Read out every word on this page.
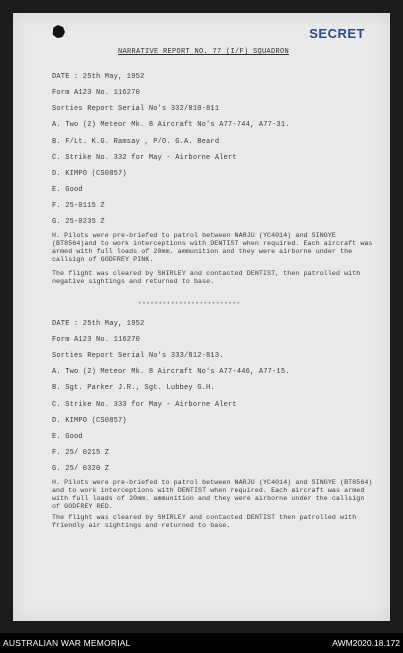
SECRET
NARRATIVE REPORT NO. 77 (I/F) SQUADRON
DATE : 25th May, 1952
Form A123 No. 116270
Sorties Report Serial No's 332/810-811
A. Two (2) Meteor Mk. 8 Aircraft No's A77-744, A77-31.
B. F/Lt. K.G. Ramsay , P/O. G.A. Beard
C. Strike No. 332 for May - Airborne Alert
D. KIMPO (CS0857)
E. Good
F. 25-0115 Z
G. 25-0235 Z
H. Pilots were pre-briefed to patrol between NARJU (YC4014) and SINGYE (BT8564)and to work interceptions with DENTIST when required. Each aircraft was armed with full loads of 20mm. ammunition and they were airborne under the callsign of GODFREY PINK.
The flight was cleared by SHIRLEY and contacted DENTIST, then patrolled with negative sightings and returned to base.
*************************
DATE : 25th May, 1952
Form A123 No. 116270
Sorties Report Serial No's 333/812-813.
A. Two (2) Meteor Mk. 8 Aircraft No's A77-446, A77-15.
B. Sgt. Parker J.R., Sgt. Lubbey G.H.
C. Strike No. 333 for May - Airborne Alert
D. KIMPO (CS0857)
E. Good
F. 25/ 0215 Z
G. 25/ 0320 Z
H. Pilots were pre-briefed to patrol between NARJU (YC4014) and SINGYE (BT8564) and to work interceptions with DENTIST when required. Each aircraft was armed with full loads of 20mm. ammunition and they were airborne under the callsign of GODFREY RED.
The flight was cleared by SHIRLEY and contacted DENTIST then patrolled with friendly air sightings and returned to base.
AUSTRALIAN WAR MEMORIAL	AWM2020.18.172
